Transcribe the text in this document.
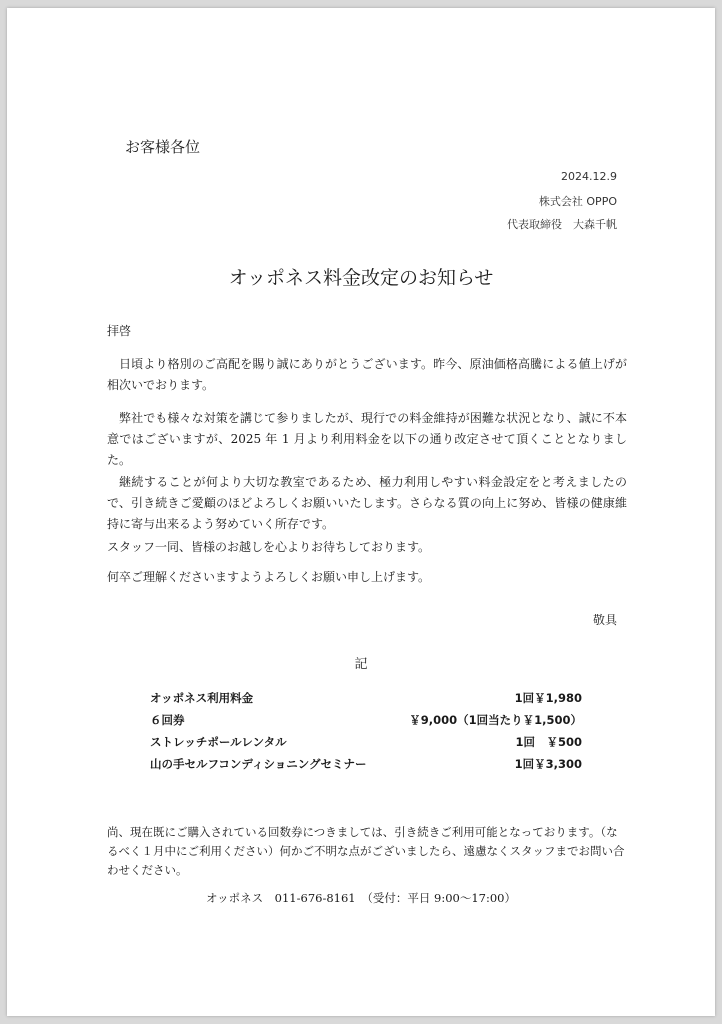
お客様各位
2024.12.9
株式会社 OPPO
代表取締役　大森千帆
オッポネス料金改定のお知らせ
拝啓
日頃より格別のご高配を賜り誠にありがとうございます。昨今、原油価格高騰による値上げが相次いでおります。
弊社でも様々な対策を講じて参りましたが、現行での料金維持が困難な状況となり、誠に不本意ではございますが、2025 年 1 月より利用料金を以下の通り改定させて頂くこととなりました。
継続することが何より大切な教室であるため、極力利用しやすい料金設定をと考えましたので、引き続きご愛顧のほどよろしくお願いいたします。さらなる質の向上に努め、皆様の健康維持に寄与出来るよう努めていく所存です。
スタッフ一同、皆様のお越しを心よりお待ちしております。
何卒ご理解くださいますようよろしくお願い申し上げます。
敬具
記
オッポネス利用料金	1回￥1,980
６回券	￥9,000（1回当たり￥1,500）
ストレッチポールレンタル	1回　￥500
山の手セルフコンディショニングセミナー	1回￥3,300
尚、現在既にご購入されている回数券につきましては、引き続きご利用可能となっております。（なるべく１月中にご利用ください）何かご不明な点がございましたら、遠慮なくスタッフまでお問い合わせください。
オッポネス　011-676-8161　（受付：平日 9:00～17:00）
